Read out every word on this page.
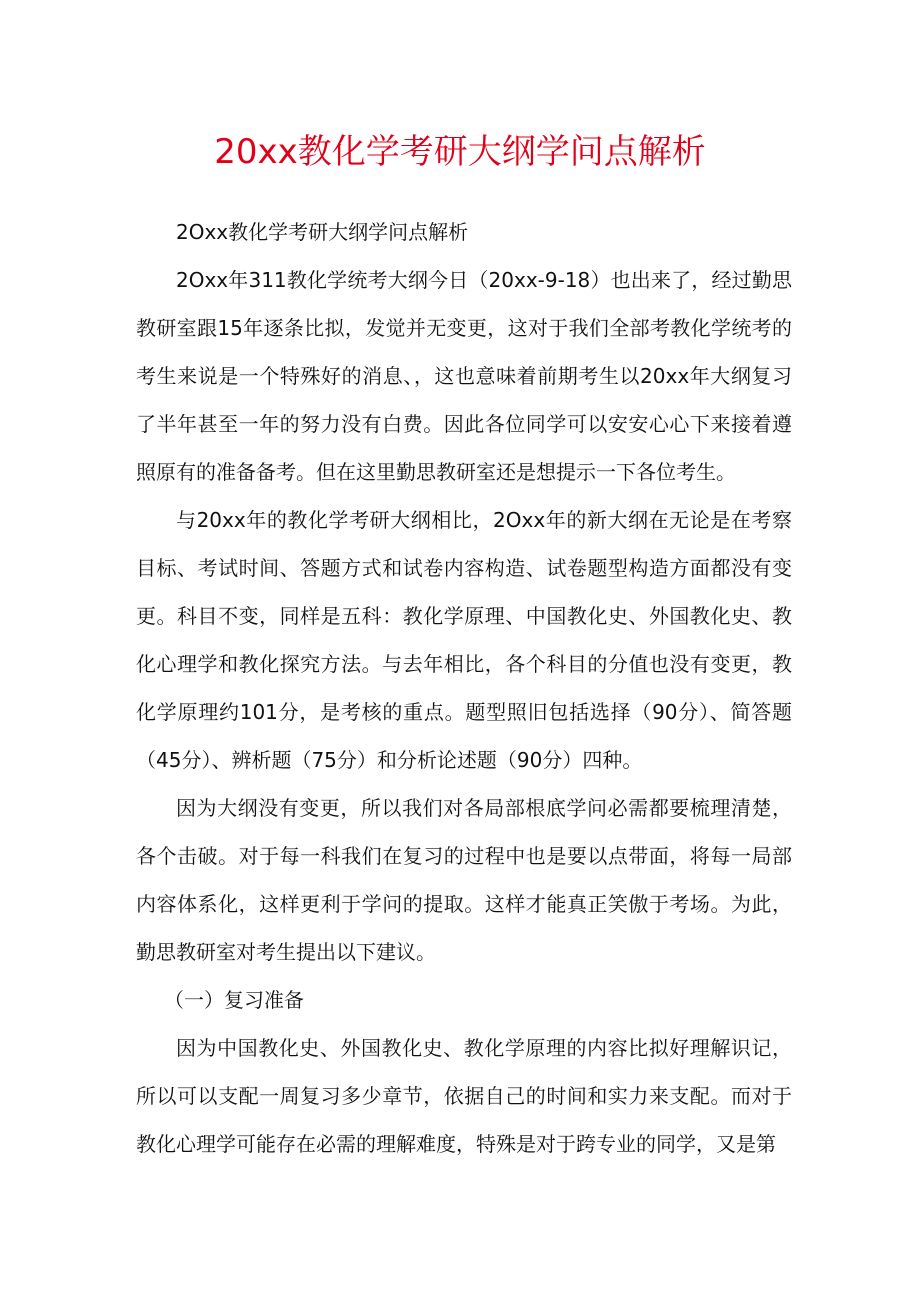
20xx教化学考研大纲学问点解析

2Oxx教化学考研大纲学问点解析

2Oxx年311教化学统考大纲今日（20xx-9-18）也出来了，经过勤思教研室跟15年逐条比拟，发觉并无变更，这对于我们全部考教化学统考的考生来说是一个特殊好的消息、，这也意味着前期考生以20xx年大纲复习了半年甚至一年的努力没有白费。因此各位同学可以安安心心下来接着遵照原有的准备备考。但在这里勤思教研室还是想提示一下各位考生。

与20xx年的教化学考研大纲相比，2Oxx年的新大纲在无论是在考察目标、考试时间、答题方式和试卷内容构造、试卷题型构造方面都没有变更。科目不变，同样是五科：教化学原理、中国教化史、外国教化史、教化心理学和教化探究方法。与去年相比，各个科目的分值也没有变更，教化学原理约101分，是考核的重点。题型照旧包括选择（90分）、简答题（45分）、辨析题（75分）和分析论述题（90分）四种。

因为大纲没有变更，所以我们对各局部根底学问必需都要梳理清楚，各个击破。对于每一科我们在复习的过程中也是要以点带面，将每一局部内容体系化，这样更利于学问的提取。这样才能真正笑傲于考场。为此，勤思教研室对考生提出以下建议。

（一）复习准备

因为中国教化史、外国教化史、教化学原理的内容比拟好理解识记，所以可以支配一周复习多少章节，依据自己的时间和实力来支配。而对于教化心理学可能存在必需的理解难度，特殊是对于跨专业的同学，又是第
